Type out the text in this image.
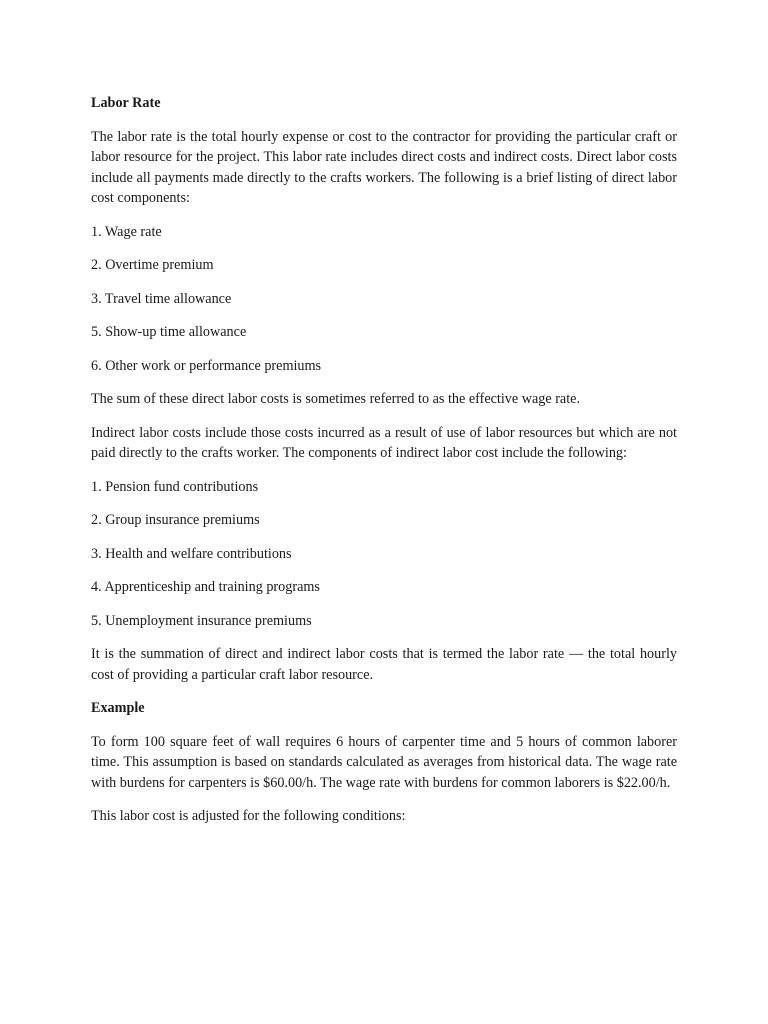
Labor Rate
The labor rate is the total hourly expense or cost to the contractor for providing the particular craft or labor resource for the project. This labor rate includes direct costs and indirect costs. Direct labor costs include all payments made directly to the crafts workers. The following is a brief listing of direct labor cost components:
1. Wage rate
2. Overtime premium
3. Travel time allowance
5. Show-up time allowance
6. Other work or performance premiums
The sum of these direct labor costs is sometimes referred to as the effective wage rate.
Indirect labor costs include those costs incurred as a result of use of labor resources but which are not paid directly to the crafts worker. The components of indirect labor cost include the following:
1. Pension fund contributions
2. Group insurance premiums
3. Health and welfare contributions
4. Apprenticeship and training programs
5. Unemployment insurance premiums
It is the summation of direct and indirect labor costs that is termed the labor rate — the total hourly cost of providing a particular craft labor resource.
Example
To form 100 square feet of wall requires 6 hours of carpenter time and 5 hours of common laborer time. This assumption is based on standards calculated as averages from historical data. The wage rate with burdens for carpenters is $60.00/h. The wage rate with burdens for common laborers is $22.00/h.
This labor cost is adjusted for the following conditions:
